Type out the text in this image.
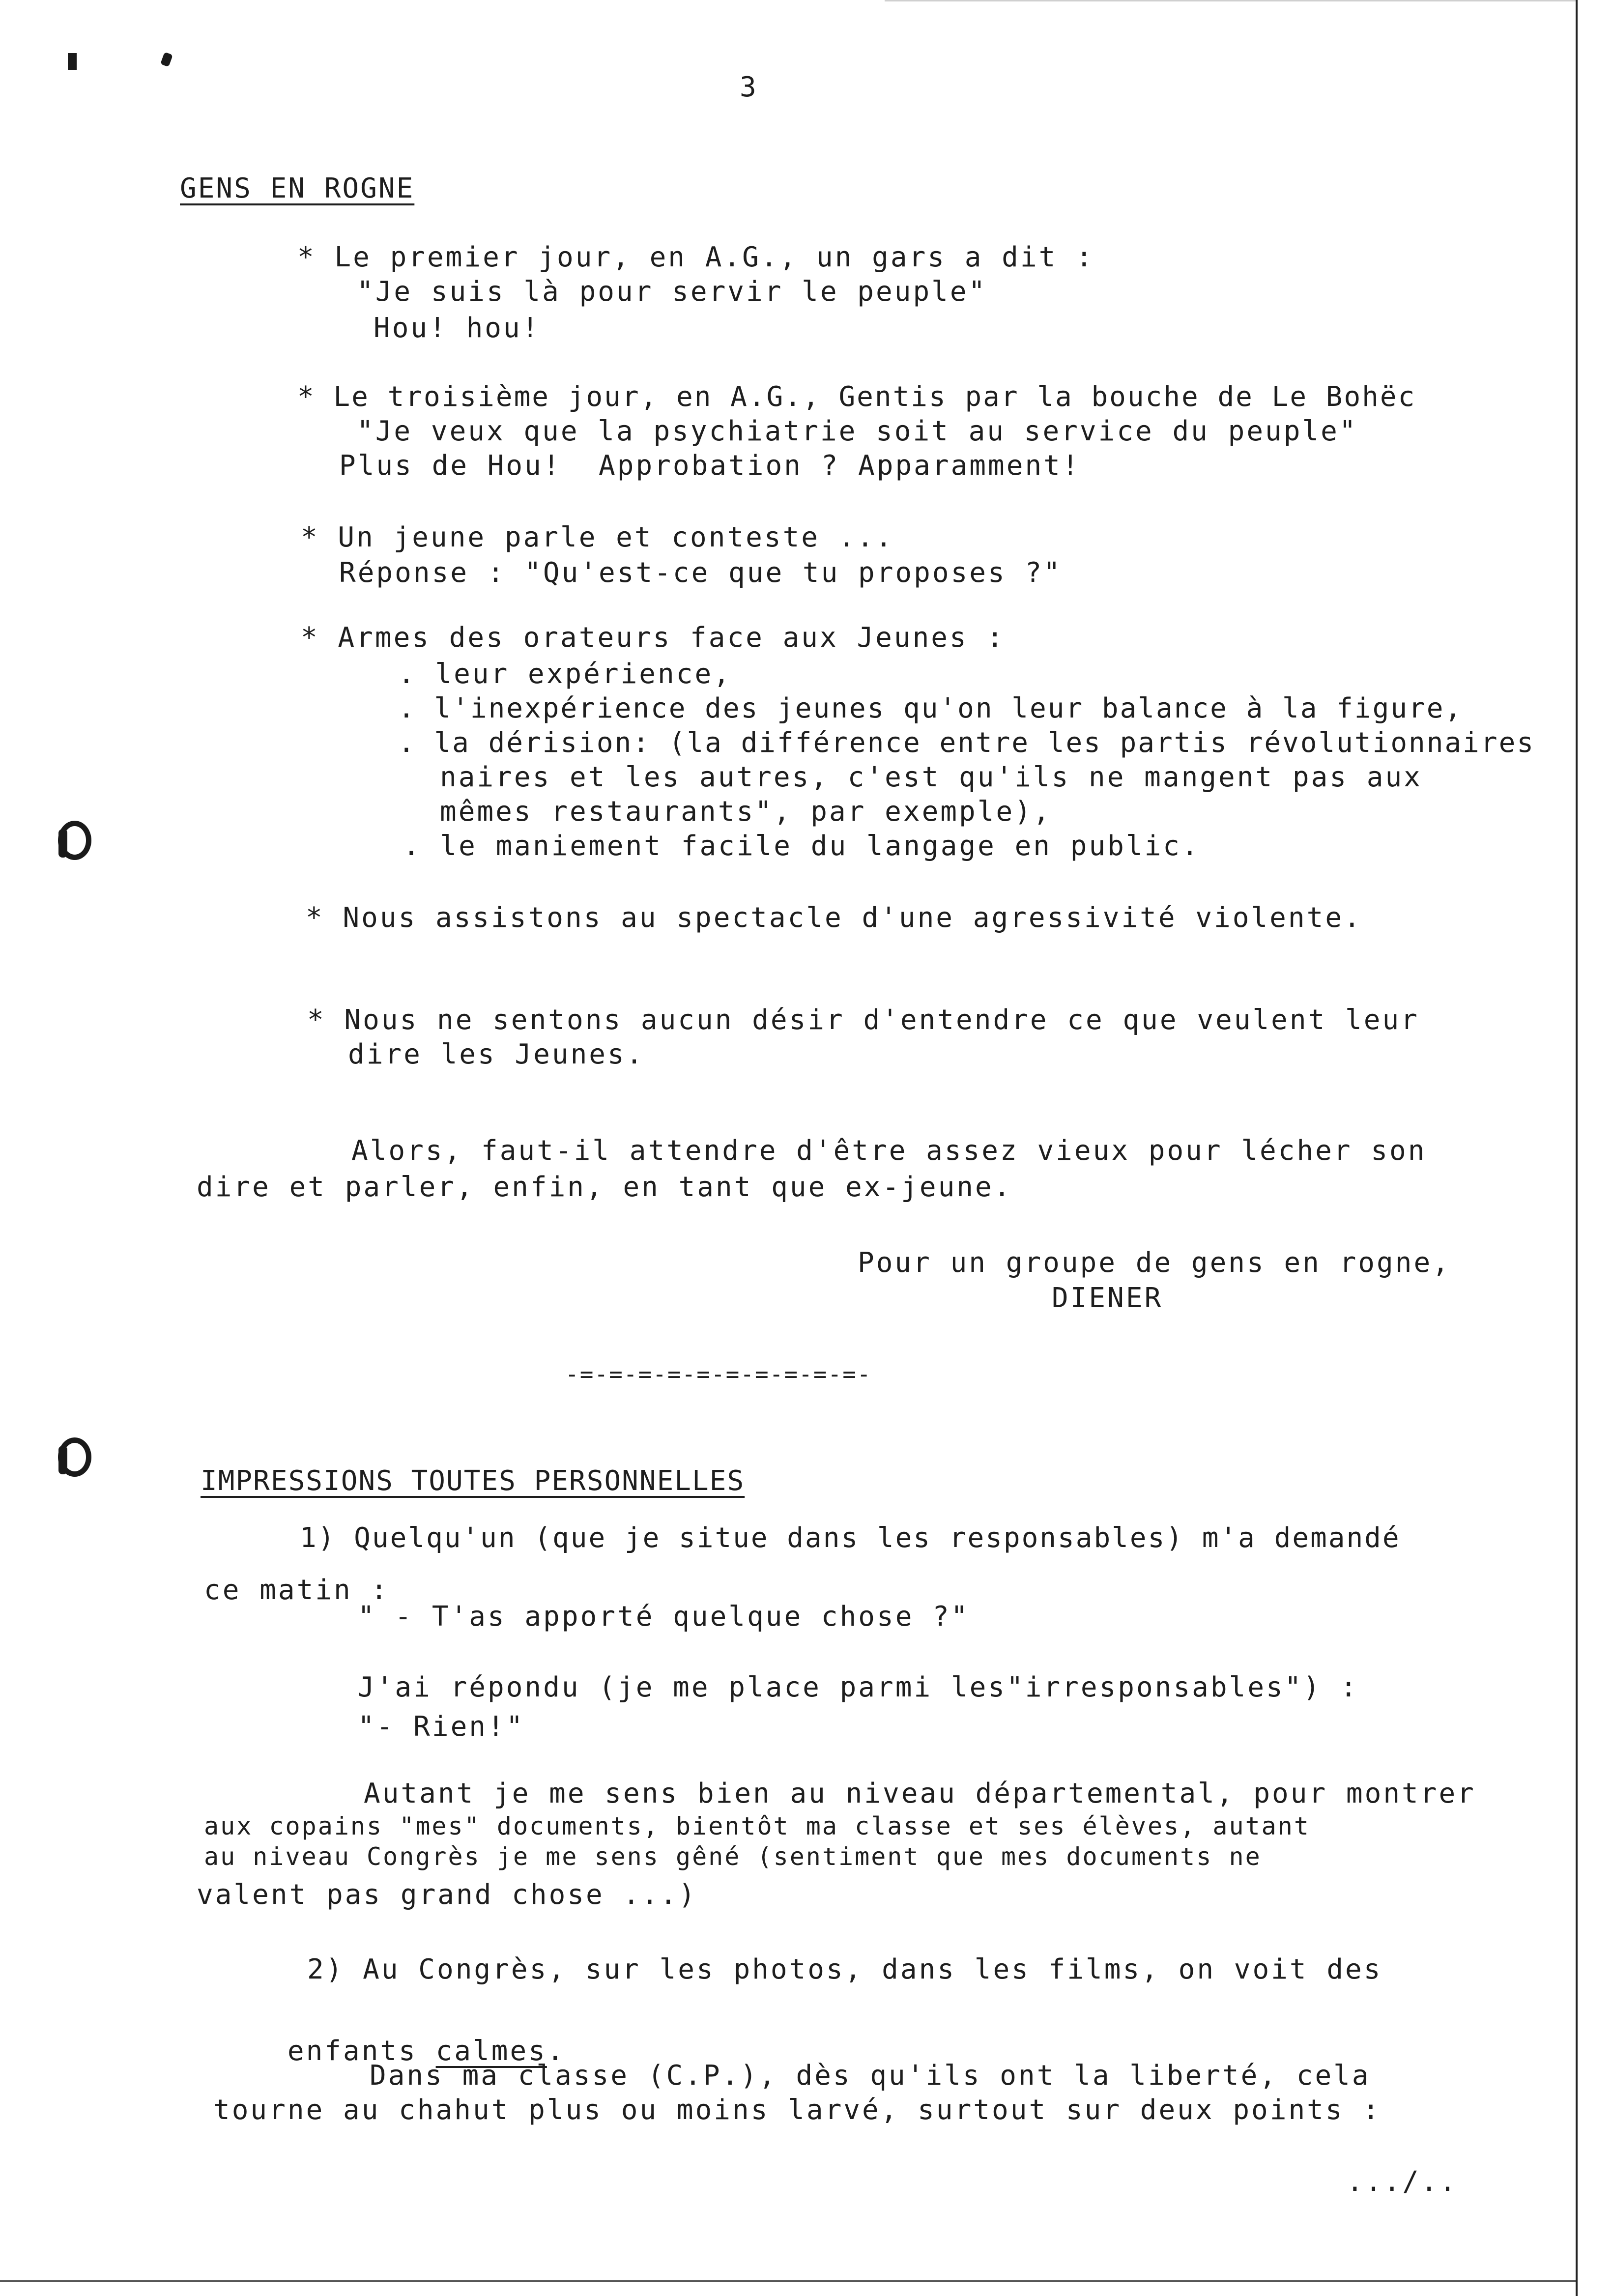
3
GENS EN ROGNE
* Le premier jour, en A.G., un gars a dit :
"Je suis là pour servir le peuple"
Hou! hou!
* Le troisième jour, en A.G., Gentis par la bouche de Le Bohëc
"Je veux que la psychiatrie soit au service du peuple"
Plus de Hou!  Approbation ? Apparamment!
* Un jeune parle et conteste ...
Réponse : "Qu'est-ce que tu proposes ?"
* Armes des orateurs face aux Jeunes :
. leur expérience,
. l'inexpérience des jeunes qu'on leur balance à la figure,
. la dérision: (la différence entre les partis révolutionnaires
naires et les autres, c'est qu'ils ne mangent pas aux
mêmes restaurants", par exemple),
. le maniement facile du langage en public.
* Nous assistons au spectacle d'une agressivité violente.
* Nous ne sentons aucun désir d'entendre ce que veulent leur
dire les Jeunes.
Alors, faut-il attendre d'être assez vieux pour lécher son
dire et parler, enfin, en tant que ex-jeune.
Pour un groupe de gens en rogne,
DIENER
-=-=-=-=-=-=-=-=-=-=-
IMPRESSIONS TOUTES PERSONNELLES
1) Quelqu'un (que je situe dans les responsables) m'a demandé
ce matin :
" - T'as apporté quelque chose ?"
J'ai répondu (je me place parmi les"irresponsables") :
"- Rien!"
Autant je me sens bien au niveau départemental, pour montrer
aux copains "mes" documents, bientôt ma classe et ses élèves, autant
au niveau Congrès je me sens gêné (sentiment que mes documents ne
valent pas grand chose ...)
2) Au Congrès, sur les photos, dans les films, on voit des

enfants calmes.

Dans ma classe (C.P.), dès qu'ils ont la liberté, cela
tourne au chahut plus ou moins larvé, surtout sur deux points :
.../..
